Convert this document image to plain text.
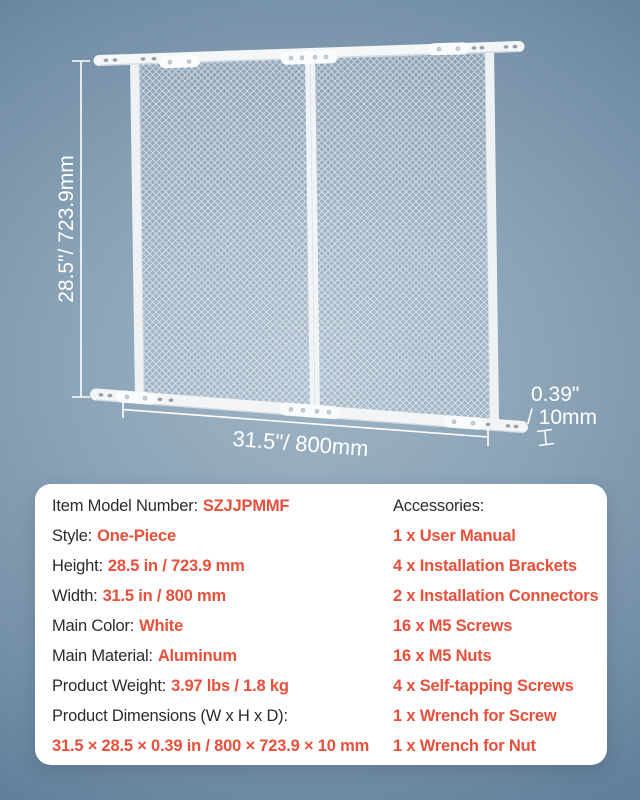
28.5"/ 723.9mm
31.5"/ 800mm
0.39"
/ 10mm
Item Model Number: SZJJPMMF
Style: One-Piece
Height: 28.5 in / 723.9 mm
Width: 31.5 in / 800 mm
Main Color: White
Main Material: Aluminum
Product Weight: 3.97 lbs / 1.8 kg
Product Dimensions (W x H x D):
31.5 × 28.5 × 0.39 in / 800 × 723.9 × 10 mm
Accessories:
1 x User Manual
4 x Installation Brackets
2 x Installation Connectors
16 x M5 Screws
16 x M5 Nuts
4 x Self-tapping Screws
1 x Wrench for Screw
1 x Wrench for Nut
